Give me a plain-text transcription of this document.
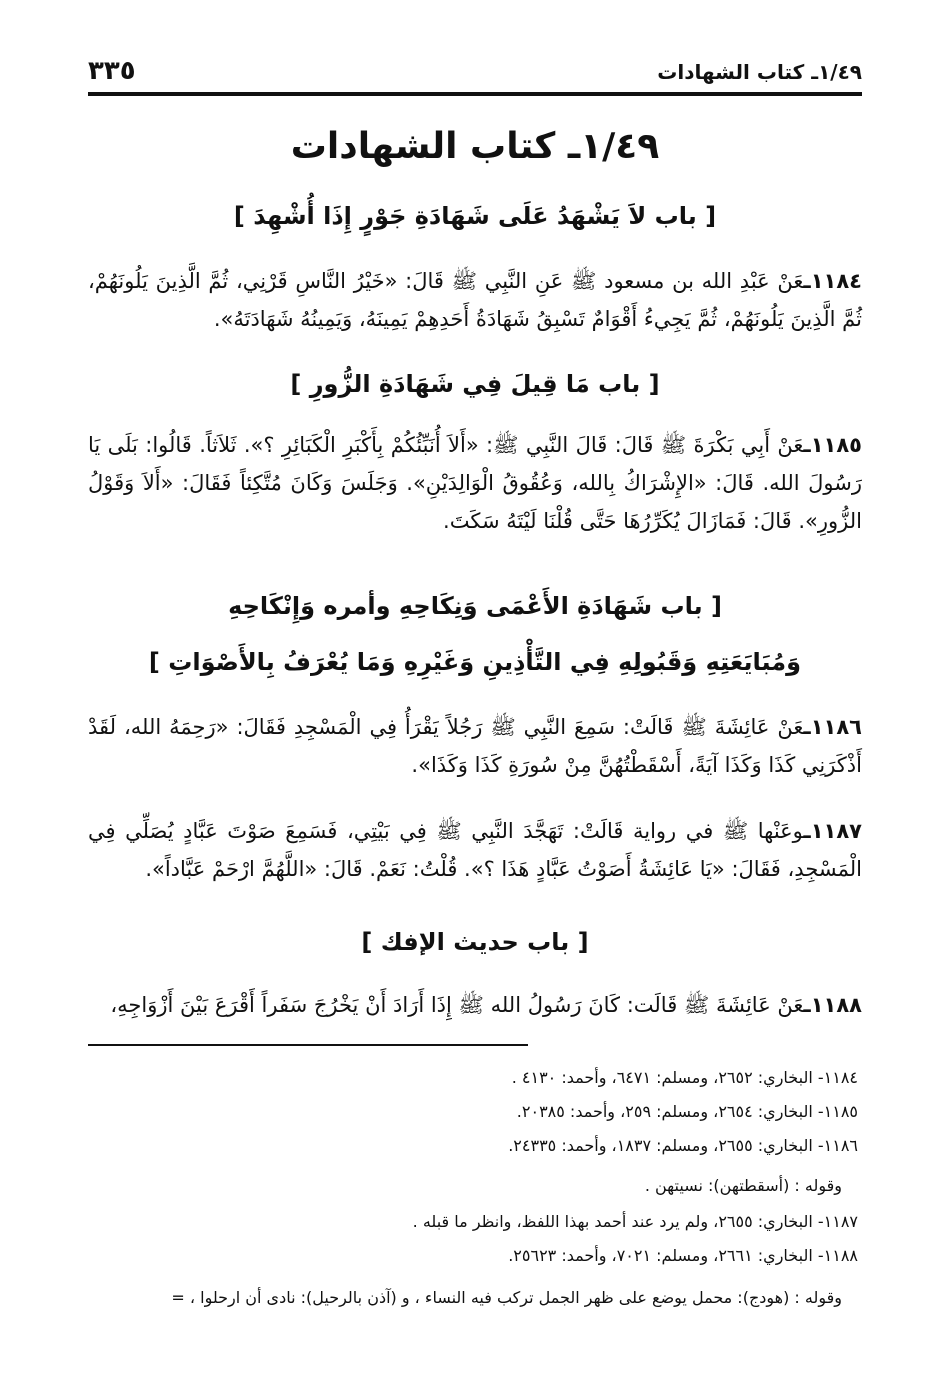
١/٤٩ـ كتاب الشهادات
٣٣٥
١/٤٩ـ كتاب الشهادات
[ باب لاَ يَشْهَدُ عَلَى شَهَادَةِ جَوْرٍ إِذَا أُشْهِدَ ]
١١٨٤ـعَنْ عَبْدِ الله بن مسعود ﷺ عَنِ النَّبِي ﷺ قَالَ: «خَيْرُ النَّاسِ قَرْنِي، ثُمَّ الَّذِينَ يَلُونَهُمْ، ثُمَّ الَّذِينَ يَلُونَهُمْ، ثُمَّ يَجِيءُ أَقْوَامٌ تَسْبِقُ شَهَادَةُ أَحَدِهِمْ يَمِينَهُ، وَيَمِينُهُ شَهَادَتَهُ».
[ باب مَا قِيلَ فِي شَهَادَةِ الزُّورِ ]
١١٨٥ـعَنْ أَبِي بَكْرَةَ ﷺ قَالَ: قَالَ النَّبِي ﷺ: «أَلاَ أُنَبِّئُكُمْ بِأَكْبَرِ الْكَبَائِرِ ؟». ثَلاَثاً. قَالُوا: بَلَى يَا رَسُولَ الله. قَالَ: «الإِشْرَاكُ بِالله، وَعُقُوقُ الْوَالِدَيْنِ». وَجَلَسَ وَكَانَ مُتَّكِئاً فَقَالَ: «أَلاَ وَقَوْلُ الزُّورِ». قَالَ: فَمَازَالَ يُكَرِّرُهَا حَتَّى قُلْنَا لَيْتَهُ سَكَتَ.
[ باب شَهَادَةِ الأَعْمَى وَنِكَاحِهِ وأمره وَإِنْكَاحِهِ
وَمُبَايَعَتِهِ وَقَبُولِهِ فِي التَّأْذِينِ وَغَيْرِهِ وَمَا يُعْرَفُ بِالأَصْوَاتِ ]
١١٨٦ـعَنْ عَائِشَةَ ﷺ قَالَتْ: سَمِعَ النَّبِي ﷺ رَجُلاً يَقْرَأُ فِي الْمَسْجِدِ فَقَالَ: «رَحِمَهُ الله، لَقَدْ أَذْكَرَنِي كَذَا وَكَذَا آيَةً، أَسْقَطْتُهُنَّ مِنْ سُورَةِ كَذَا وَكَذَا».
١١٨٧ـوعَنْها ﷺ في رواية قَالَتْ: تَهَجَّدَ النَّبِي ﷺ فِي بَيْتِي، فَسَمِعَ صَوْتَ عَبَّادٍ يُصَلِّي فِي الْمَسْجِدِ، فَقَالَ: «يَا عَائِشَةُ أَصَوْتُ عَبَّادٍ هَذَا ؟». قُلْتُ: نَعَمْ. قَالَ: «اللَّهُمَّ ارْحَمْ عَبَّاداً».
[ باب حديث الإفك ]
١١٨٨ـعَنْ عَائِشَةَ ﷺ قَالَت: كَانَ رَسُولُ الله ﷺ إِذَا أَرَادَ أَنْ يَخْرُجَ سَفَراً أَقْرَعَ بَيْنَ أَزْوَاجِهِ،
١١٨٤- البخاري: ٢٦٥٢، ومسلم: ٦٤٧١، وأحمد: ٤١٣٠ .
١١٨٥- البخاري: ٢٦٥٤، ومسلم: ٢٥٩، وأحمد: ٢٠٣٨٥.
١١٨٦- البخاري: ٢٦٥٥، ومسلم: ١٨٣٧، وأحمد: ٢٤٣٣٥.
وقوله : (أسقطتهن): نسيتهن .
١١٨٧- البخاري: ٢٦٥٥، ولم يرد عند أحمد بهذا اللفظ، وانظر ما قبله .
١١٨٨- البخاري: ٢٦٦١، ومسلم: ٧٠٢١، وأحمد: ٢٥٦٢٣.
وقوله : (هودج): محمل يوضع على ظهر الجمل تركب فيه النساء ، و (آذن بالرحيل): نادى أن ارحلوا ، =
